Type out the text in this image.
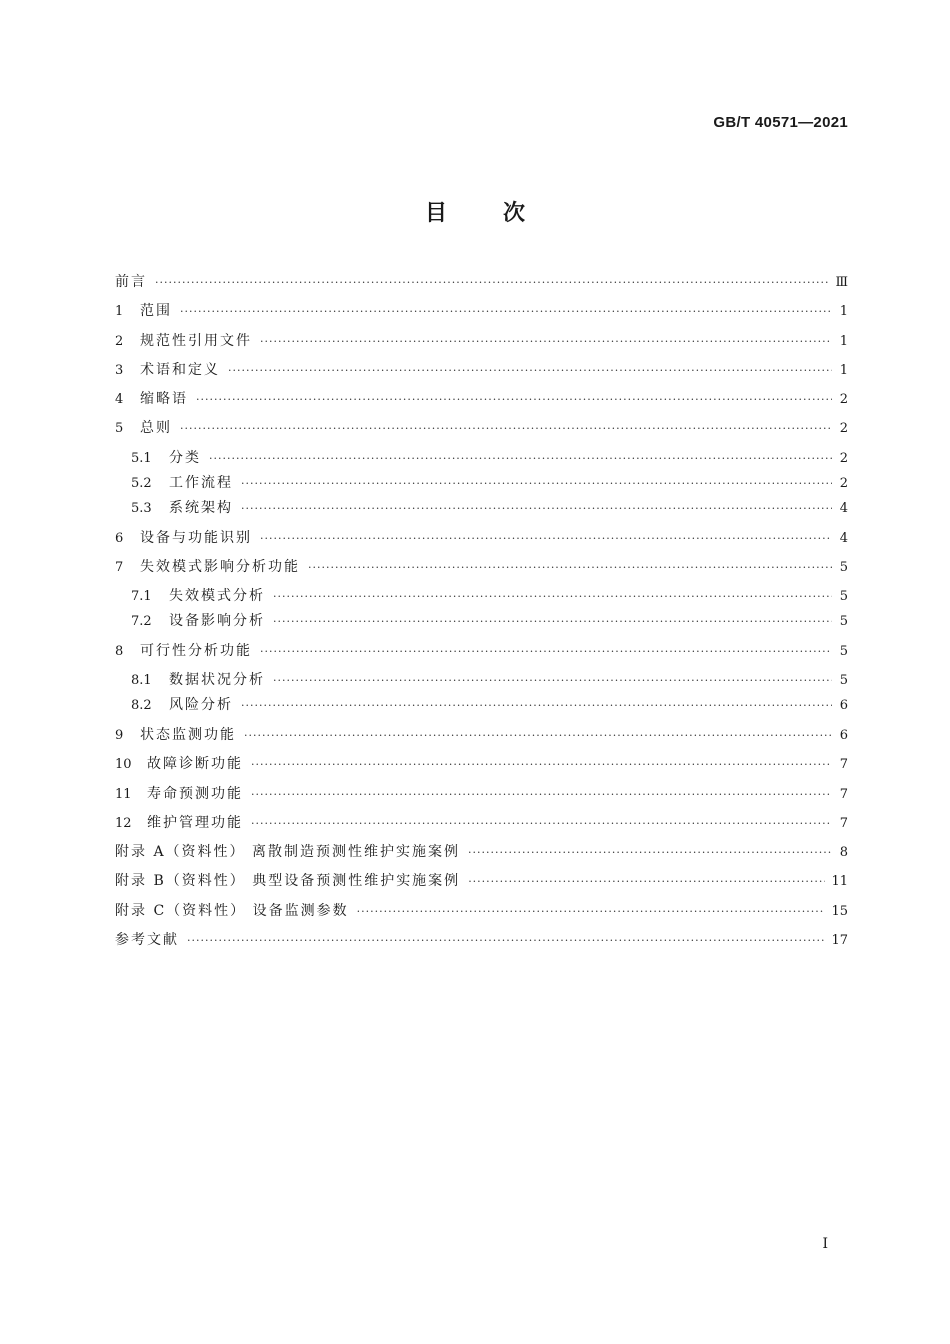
GB/T 40571—2021
目次
前言 ·····	Ⅲ
1	范围 ·····	1
2	规范性引用文件 ·····	1
3	术语和定义 ·····	1
4	缩略语 ·····	2
5	总则 ·····	2
5.1	分类 ·····	2
5.2	工作流程 ·····	2
5.3	系统架构 ·····	4
6	设备与功能识别 ·····	4
7	失效模式影响分析功能 ·····	5
7.1	失效模式分析 ·····	5
7.2	设备影响分析 ·····	5
8	可行性分析功能 ·····	5
8.1	数据状况分析 ·····	5
8.2	风险分析 ·····	6
9	状态监测功能 ·····	6
10	故障诊断功能 ·····	7
11	寿命预测功能 ·····	7
12	维护管理功能 ·····	7
附录 A（资料性） 离散制造预测性维护实施案例 ·····	8
附录 B（资料性） 典型设备预测性维护实施案例 ·····	11
附录 C（资料性） 设备监测参数 ·····	15
参考文献 ·····	17
I
